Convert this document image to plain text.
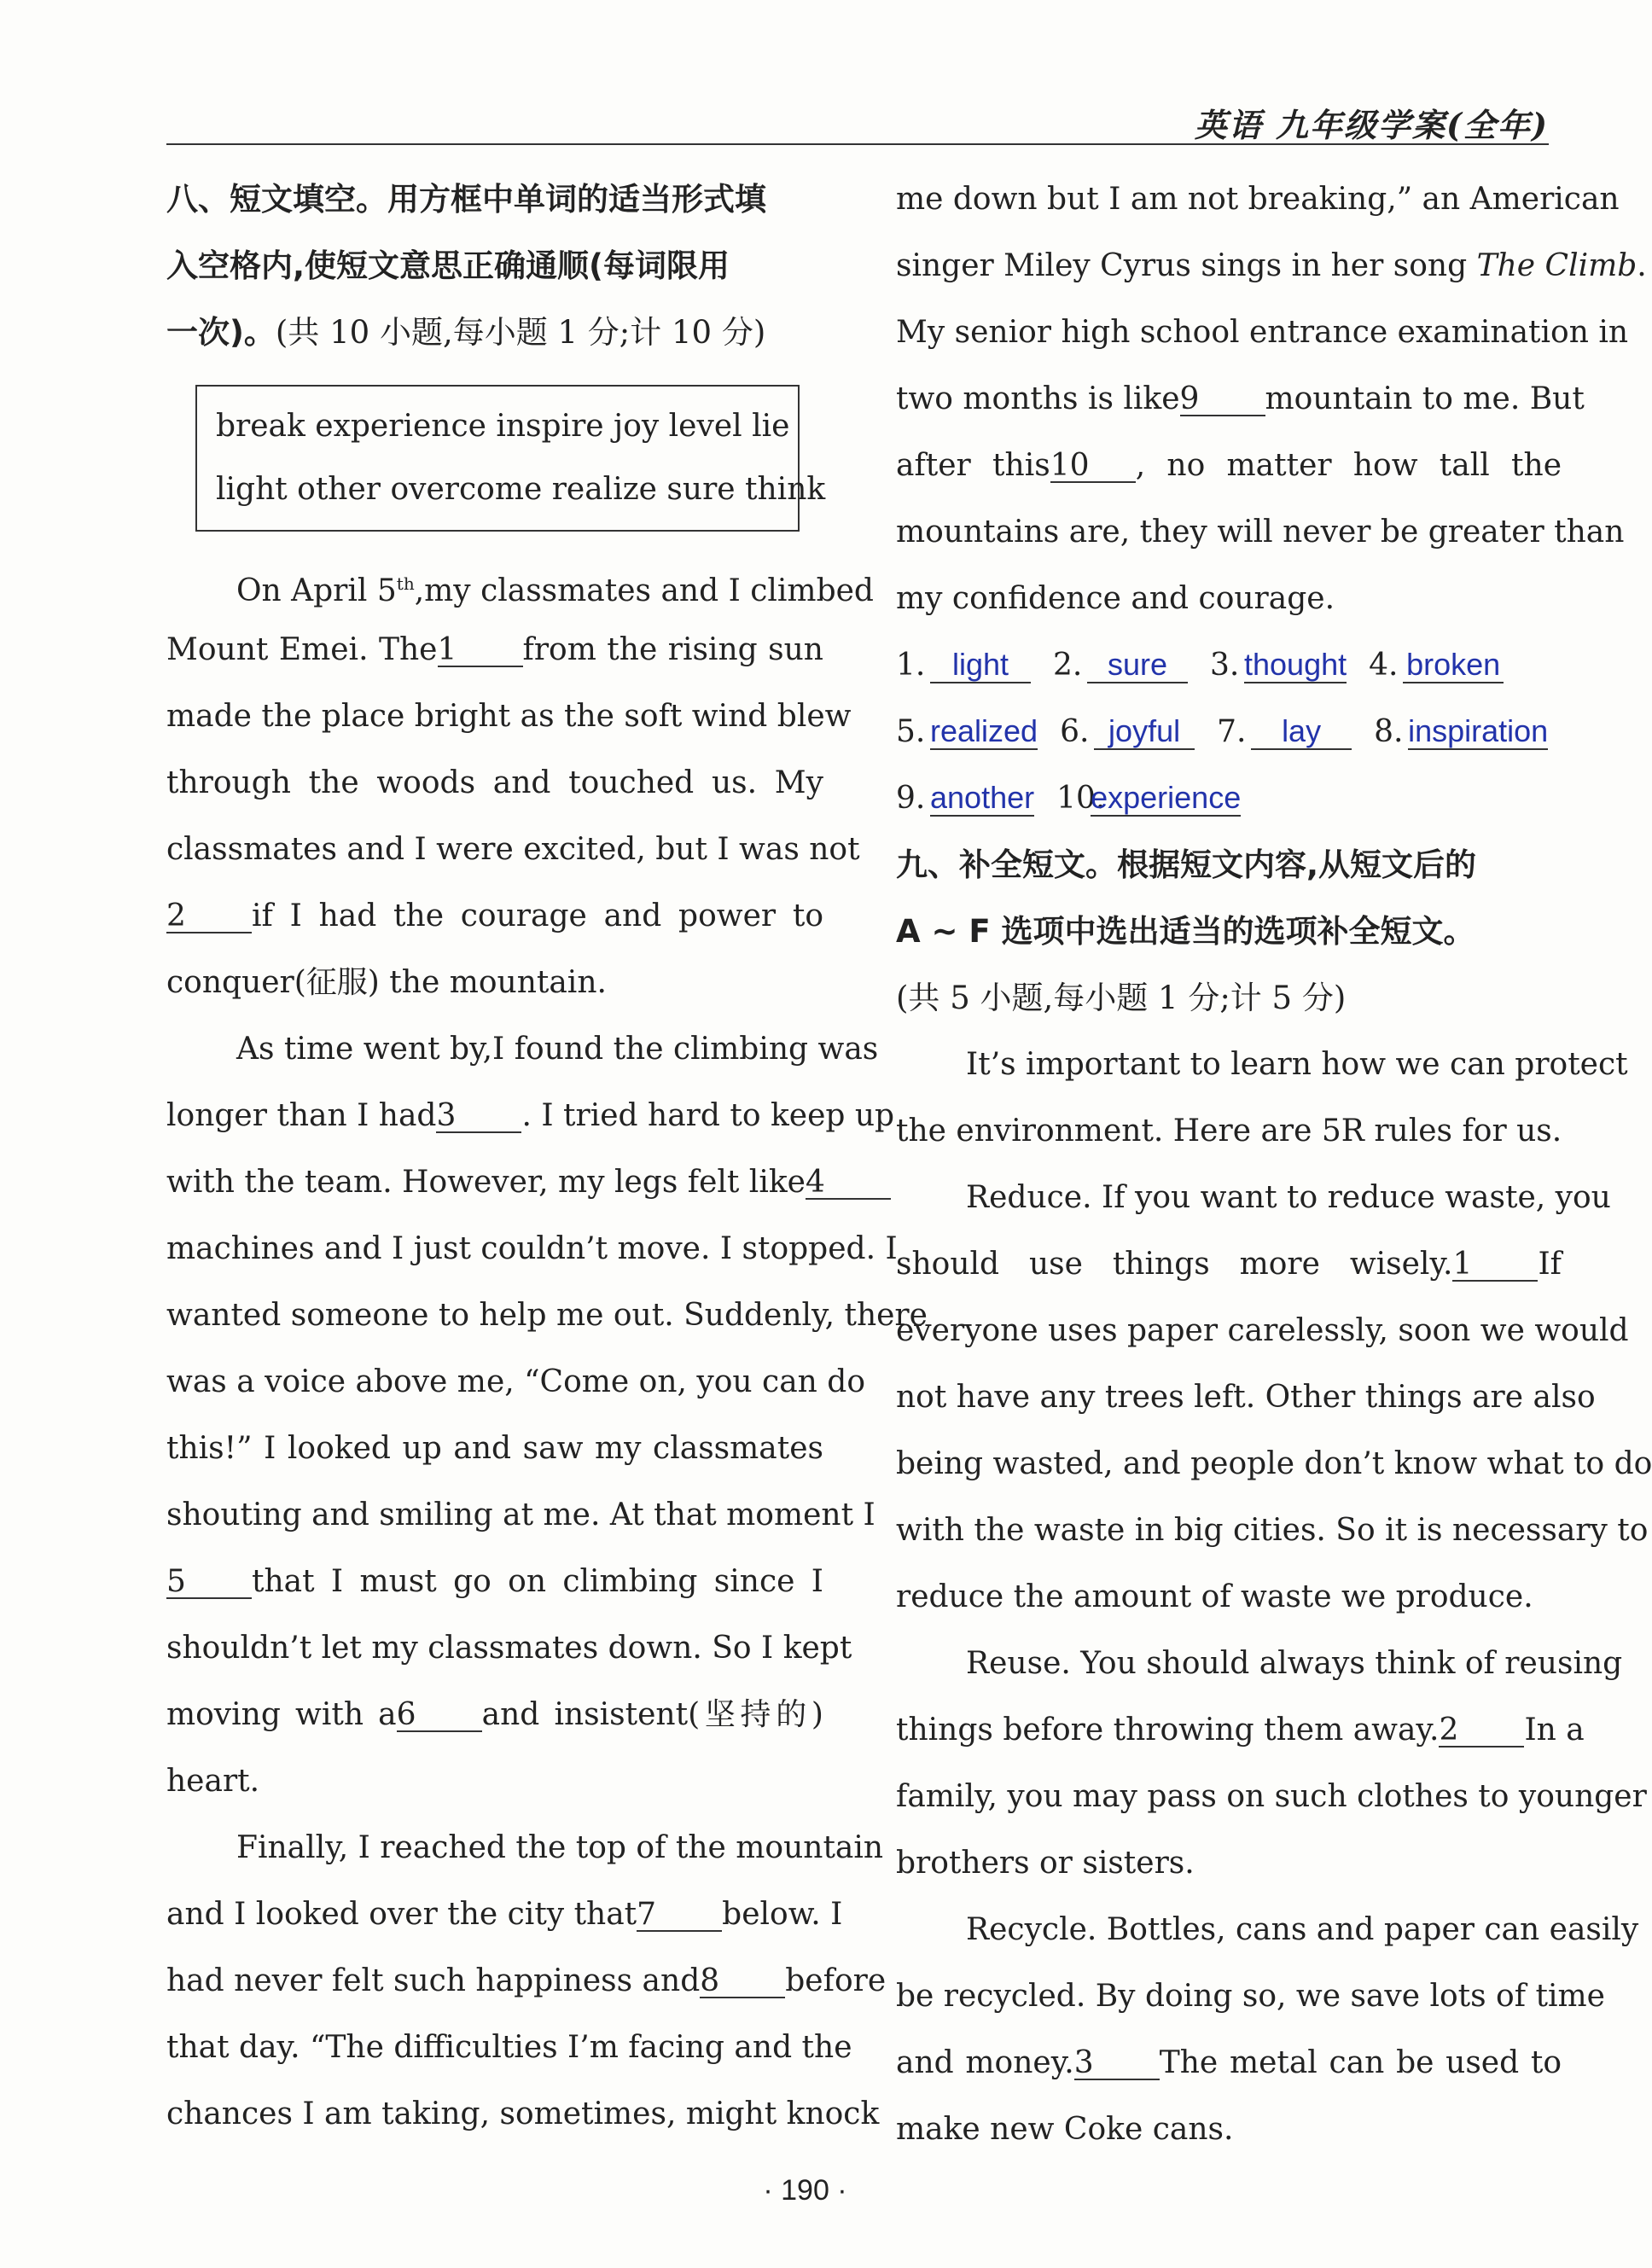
英语 九年级学案(全年)
八、短文填空。用方框中单词的适当形式填
入空格内,使短文意思正确通顺(每词限用
一次)。(共 10 小题,每小题 1 分;计 10 分)
break experience inspire joy level lie
light other overcome realize sure think
On April 5th,my classmates and I climbed
Mount Emei. The1 from the rising sun
made the place bright as the soft wind blew
through the woods and touched us. My
classmates and I were excited, but I was not
2 if I had the courage and power to
conquer(征服) the mountain.
As time went by,I found the climbing was
longer than I had3 . I tried hard to keep up
with the team. However, my legs felt like4
machines and I just couldn’t move. I stopped. I
wanted someone to help me out. Suddenly, there
was a voice above me, “Come on, you can do
this!” I looked up and saw my classmates
shouting and smiling at me. At that moment I
5 that I must go on climbing since I
shouldn’t let my classmates down. So I kept
moving with a6 and insistent(坚持的)
heart.
Finally, I reached the top of the mountain
and I looked over the city that7 below. I
had never felt such happiness and8 before
that day. “The difficulties I’m facing and the
chances I am taking, sometimes, might knock
me down but I am not breaking,” an American
singer Miley Cyrus sings in her song The Climb.
My senior high school entrance examination in
two months is like9 mountain to me. But
after this10 , no matter how tall the
mountains are, they will never be greater than
my confidence and courage.
1. light 2. sure 3. thought 4. broken
5. realized 6. joyful 7. lay 8. inspiration
9. another 10.experience
九、补全短文。根据短文内容,从短文后的
A ~ F 选项中选出适当的选项补全短文。
(共 5 小题,每小题 1 分;计 5 分)
It’s important to learn how we can protect
the environment. Here are 5R rules for us.
Reduce. If you want to reduce waste, you
should use things more wisely.1 If
everyone uses paper carelessly, soon we would
not have any trees left. Other things are also
being wasted, and people don’t know what to do
with the waste in big cities. So it is necessary to
reduce the amount of waste we produce.
Reuse. You should always think of reusing
things before throwing them away.2 In a
family, you may pass on such clothes to younger
brothers or sisters.
Recycle. Bottles, cans and paper can easily
be recycled. By doing so, we save lots of time
and money.3 The metal can be used to
make new Coke cans.
· 190 ·
